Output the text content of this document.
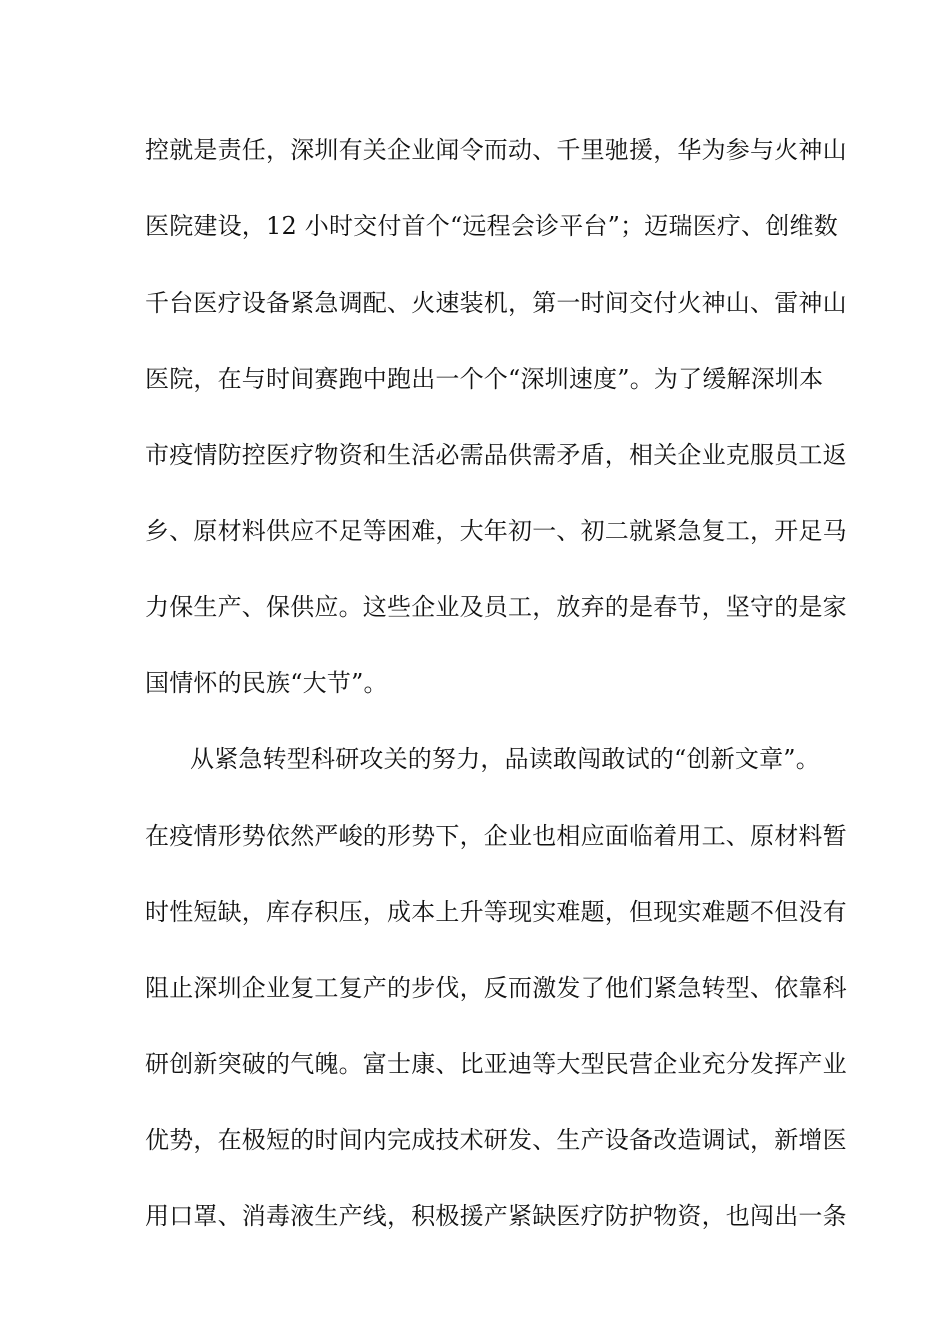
控就是责任，深圳有关企业闻令而动、千里驰援，华为参与火神山
医院建设，12 小时交付首个“远程会诊平台”；迈瑞医疗、创维数
千台医疗设备紧急调配、火速装机，第一时间交付火神山、雷神山
医院，在与时间赛跑中跑出一个个“深圳速度”。为了缓解深圳本
市疫情防控医疗物资和生活必需品供需矛盾，相关企业克服员工返
乡、原材料供应不足等困难，大年初一、初二就紧急复工，开足马
力保生产、保供应。这些企业及员工，放弃的是春节，坚守的是家
国情怀的民族“大节”。
从紧急转型科研攻关的努力，品读敢闯敢试的“创新文章”。
在疫情形势依然严峻的形势下，企业也相应面临着用工、原材料暂
时性短缺，库存积压，成本上升等现实难题，但现实难题不但没有
阻止深圳企业复工复产的步伐，反而激发了他们紧急转型、依靠科
研创新突破的气魄。富士康、比亚迪等大型民营企业充分发挥产业
优势，在极短的时间内完成技术研发、生产设备改造调试，新增医
用口罩、消毒液生产线，积极援产紧缺医疗防护物资，也闯出一条
